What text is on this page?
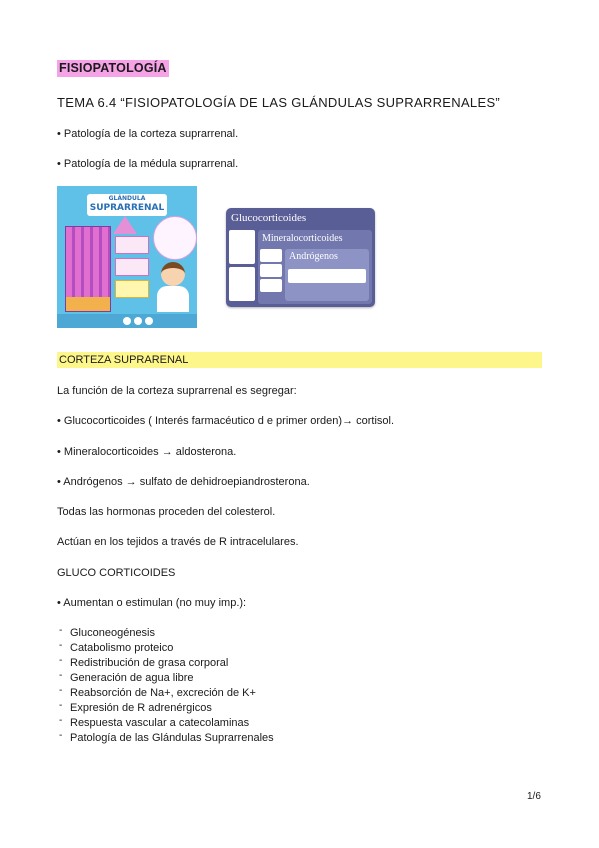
FISIOPATOLOGÍA
TEMA 6.4 “FISIOPATOLOGÍA DE LAS GLÁNDULAS SUPRARRENALES”
• Patología de la corteza suprarrenal.
• Patología de la médula suprarrenal.
GLÁNDULA
SUPRARRENAL
Glucocorticoides
Mineralocorticoides
Andrógenos
CORTEZA SUPRARENAL
La función de la corteza suprarrenal es segregar:
• Glucocorticoides ( Interés farmacéutico d e primer orden)→ cortisol.
• Mineralocorticoides → aldosterona.
• Andrógenos → sulfato de dehidroepiandrosterona.
Todas las hormonas proceden del colesterol.
Actúan en los tejidos a través de R intracelulares.
GLUCO CORTICOIDES
• Aumentan o estimulan (no muy imp.):
- Gluconeogénesis
- Catabolismo proteico
- Redistribución de grasa corporal
- Generación de agua libre
- Reabsorción de Na+, excreción de K+
- Expresión de R adrenérgicos
- Respuesta vascular a catecolaminas
- Patología de las Glándulas Suprarrenales
1/6
